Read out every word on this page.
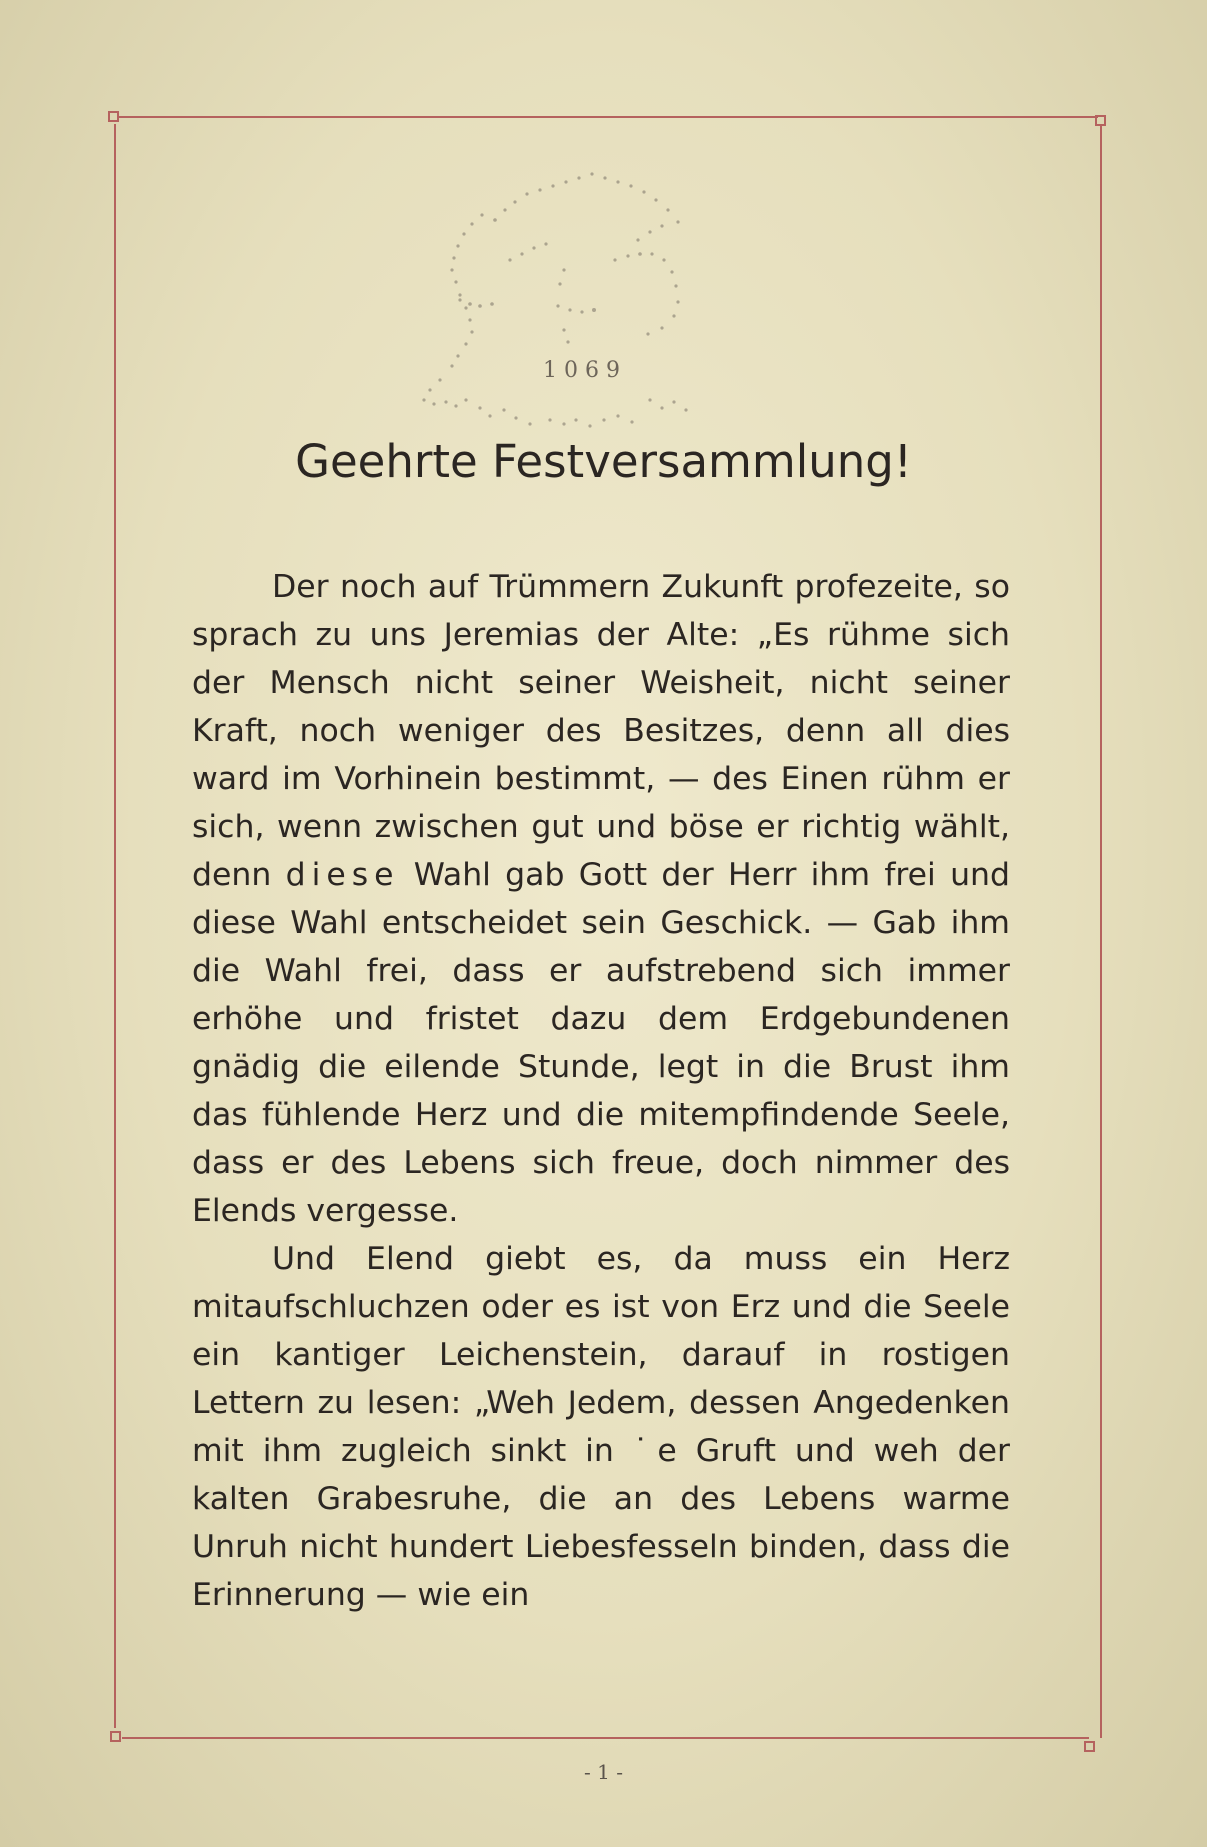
1069
Geehrte Festversammlung!

Der noch auf Trümmern Zukunft profezeite, so sprach zu uns Jeremias der Alte: „Es rühme sich der Mensch nicht seiner Weisheit, nicht seiner Kraft, noch weniger des Besitzes, denn all dies ward im Vorhinein bestimmt, — des Einen rühm er sich, wenn zwischen gut und böse er richtig wählt, denn diese Wahl gab Gott der Herr ihm frei und diese Wahl entscheidet sein Geschick. — Gab ihm die Wahl frei, dass er aufstrebend sich immer erhöhe und fristet dazu dem Erdgebundenen gnädig die eilende Stunde, legt in die Brust ihm das fühlende Herz und die mitempfindende Seele, dass er des Lebens sich freue, doch nimmer des Elends vergesse.

Und Elend giebt es, da muss ein Herz mitaufschluchzen oder es ist von Erz und die Seele ein kantiger Leichenstein, darauf in rostigen Lettern zu lesen: „Weh Jedem, dessen Angedenken mit ihm zugleich sinkt in ˙e Gruft und weh der kalten Grabesruhe, die an des Lebens warme Unruh nicht hundert Liebesfesseln binden, dass die Erinnerung — wie ein

- 1 -
